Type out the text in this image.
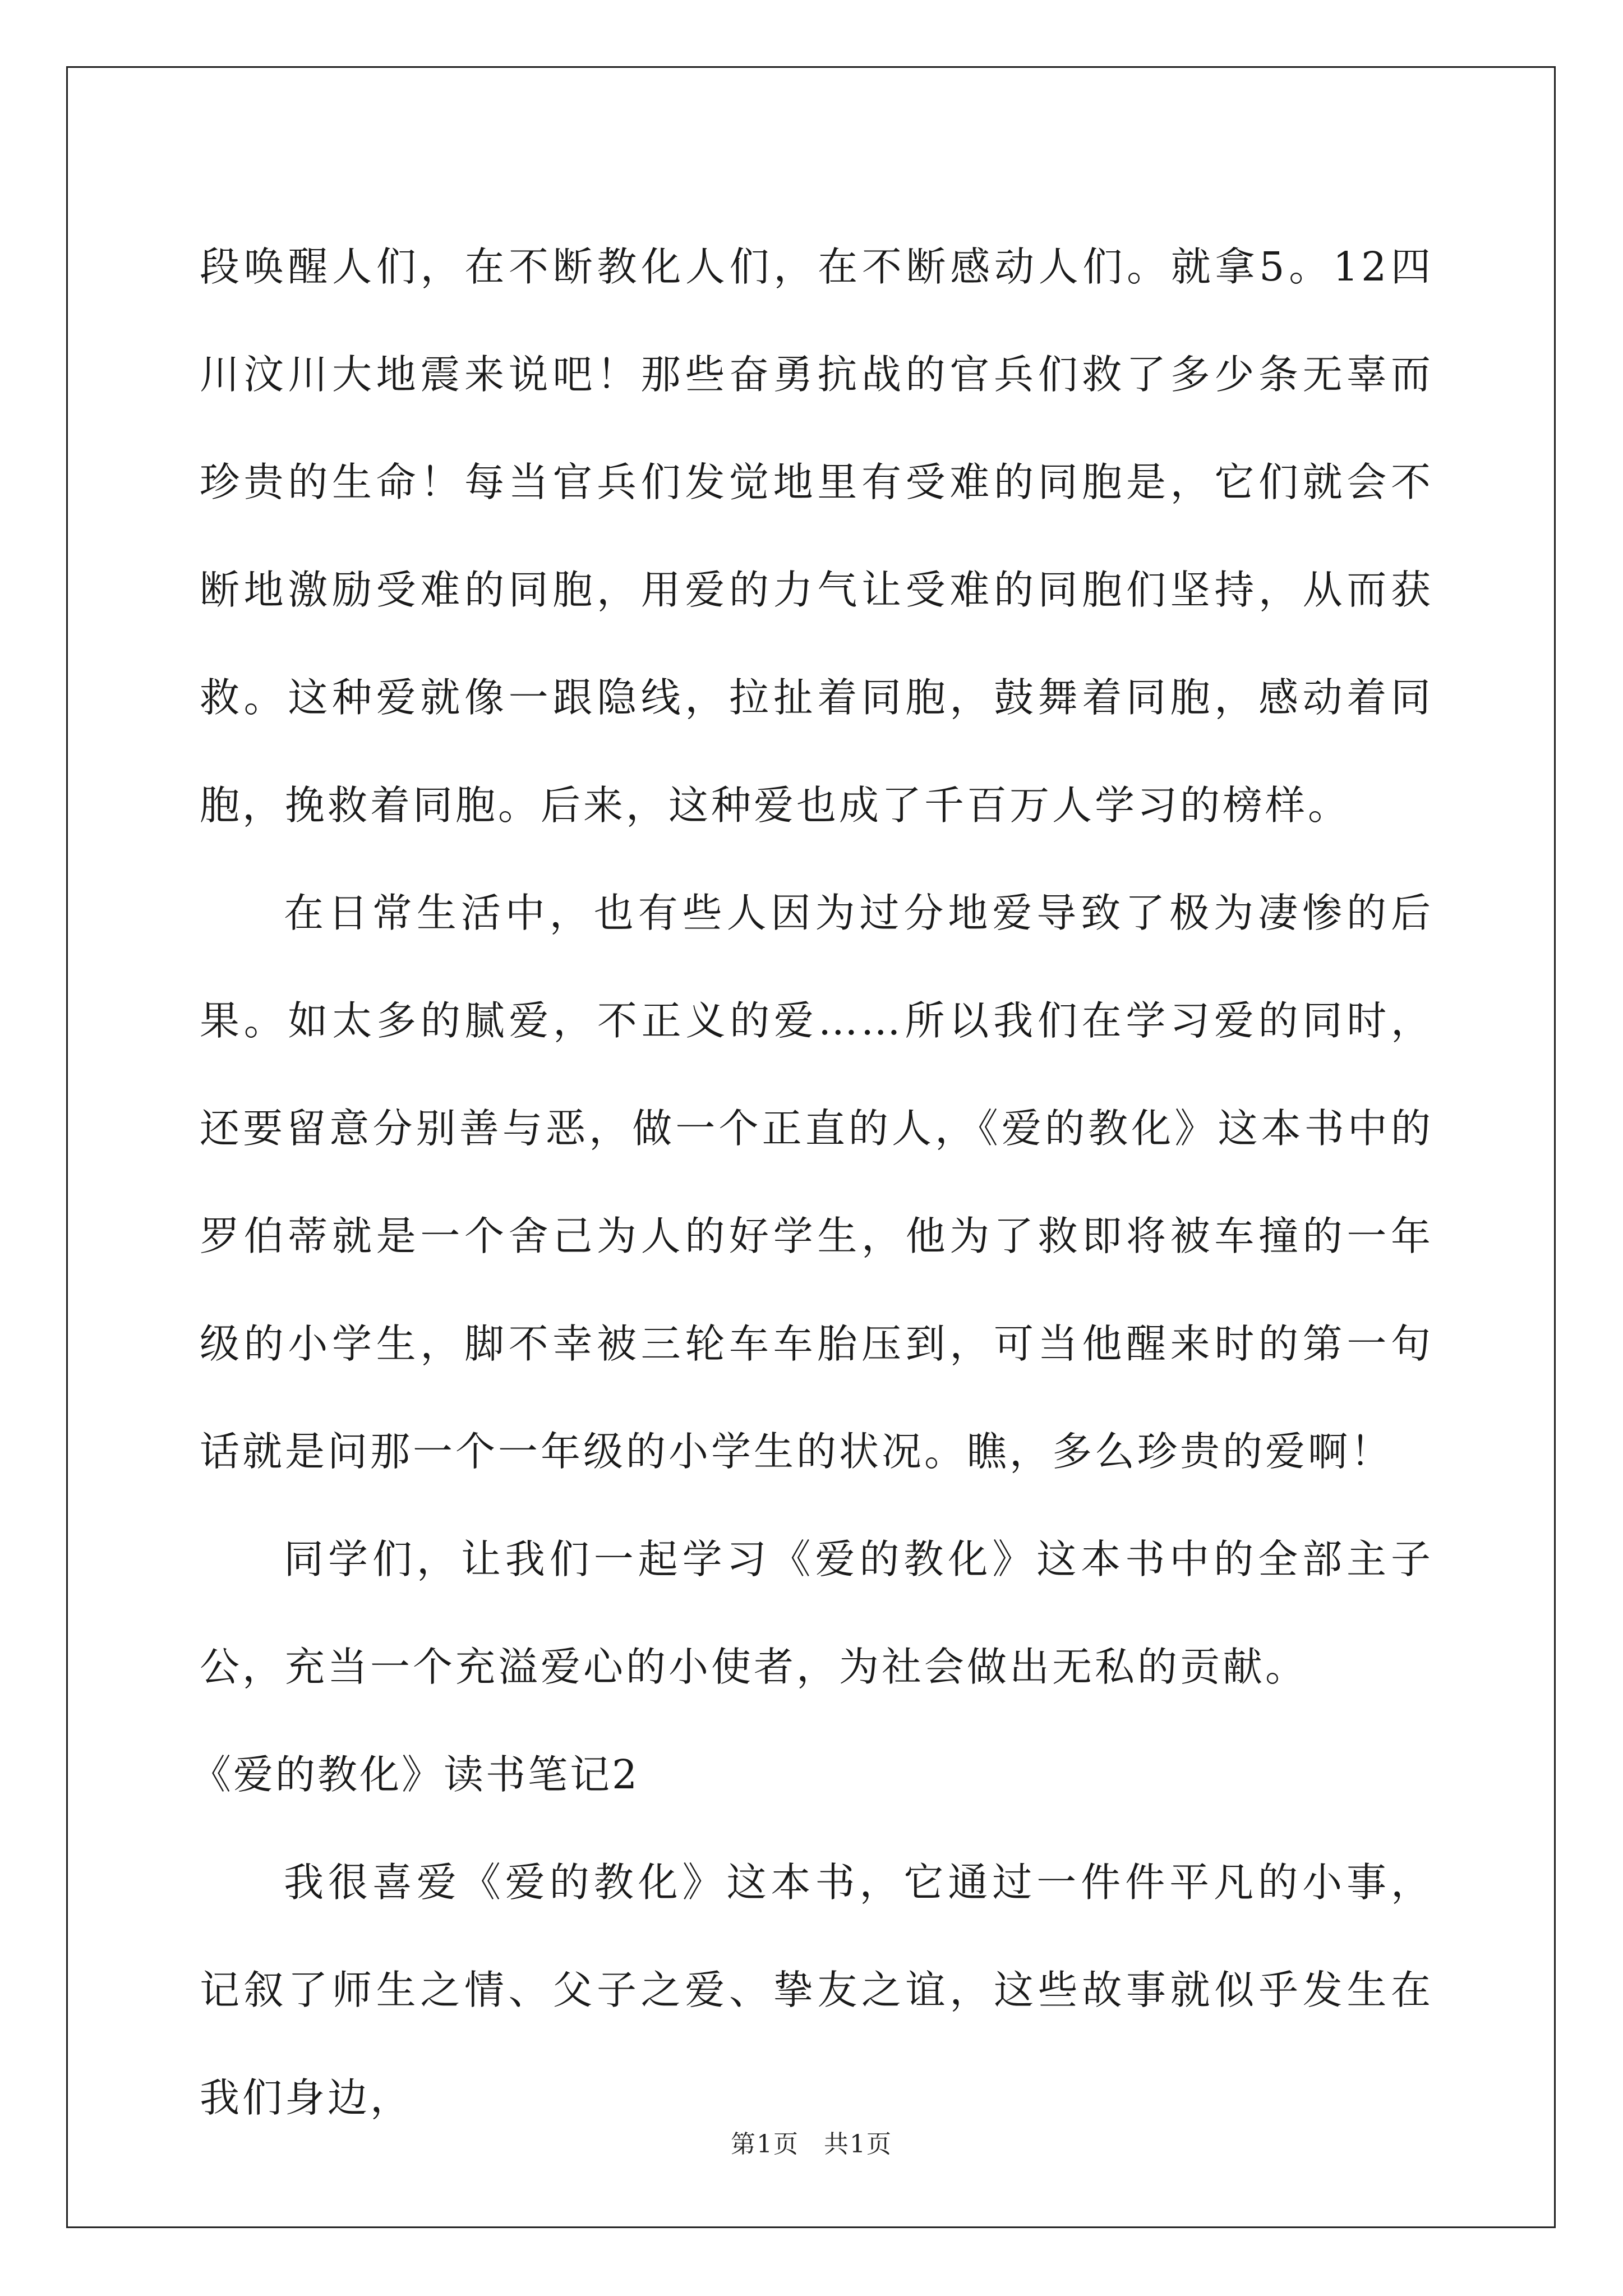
段唤醒人们，在不断教化人们，在不断感动人们。就拿5。12四川汶川大地震来说吧！那些奋勇抗战的官兵们救了多少条无辜而珍贵的生命！每当官兵们发觉地里有受难的同胞是，它们就会不断地激励受难的同胞，用爱的力气让受难的同胞们坚持，从而获救。这种爱就像一跟隐线，拉扯着同胞，鼓舞着同胞，感动着同胞，挽救着同胞。后来，这种爱也成了千百万人学习的榜样。

在日常生活中，也有些人因为过分地爱导致了极为凄惨的后果。如太多的腻爱，不正义的爱……所以我们在学习爱的同时，还要留意分别善与恶，做一个正直的人，《爱的教化》这本书中的罗伯蒂就是一个舍己为人的好学生，他为了救即将被车撞的一年级的小学生，脚不幸被三轮车车胎压到，可当他醒来时的第一句话就是问那一个一年级的小学生的状况。瞧，多么珍贵的爱啊！

同学们，让我们一起学习《爱的教化》这本书中的全部主子公，充当一个充溢爱心的小使者，为社会做出无私的贡献。

《爱的教化》读书笔记2

我很喜爱《爱的教化》这本书，它通过一件件平凡的小事，记叙了师生之情、父子之爱、挚友之谊，这些故事就似乎发生在我们身边，

第1页 共1页
